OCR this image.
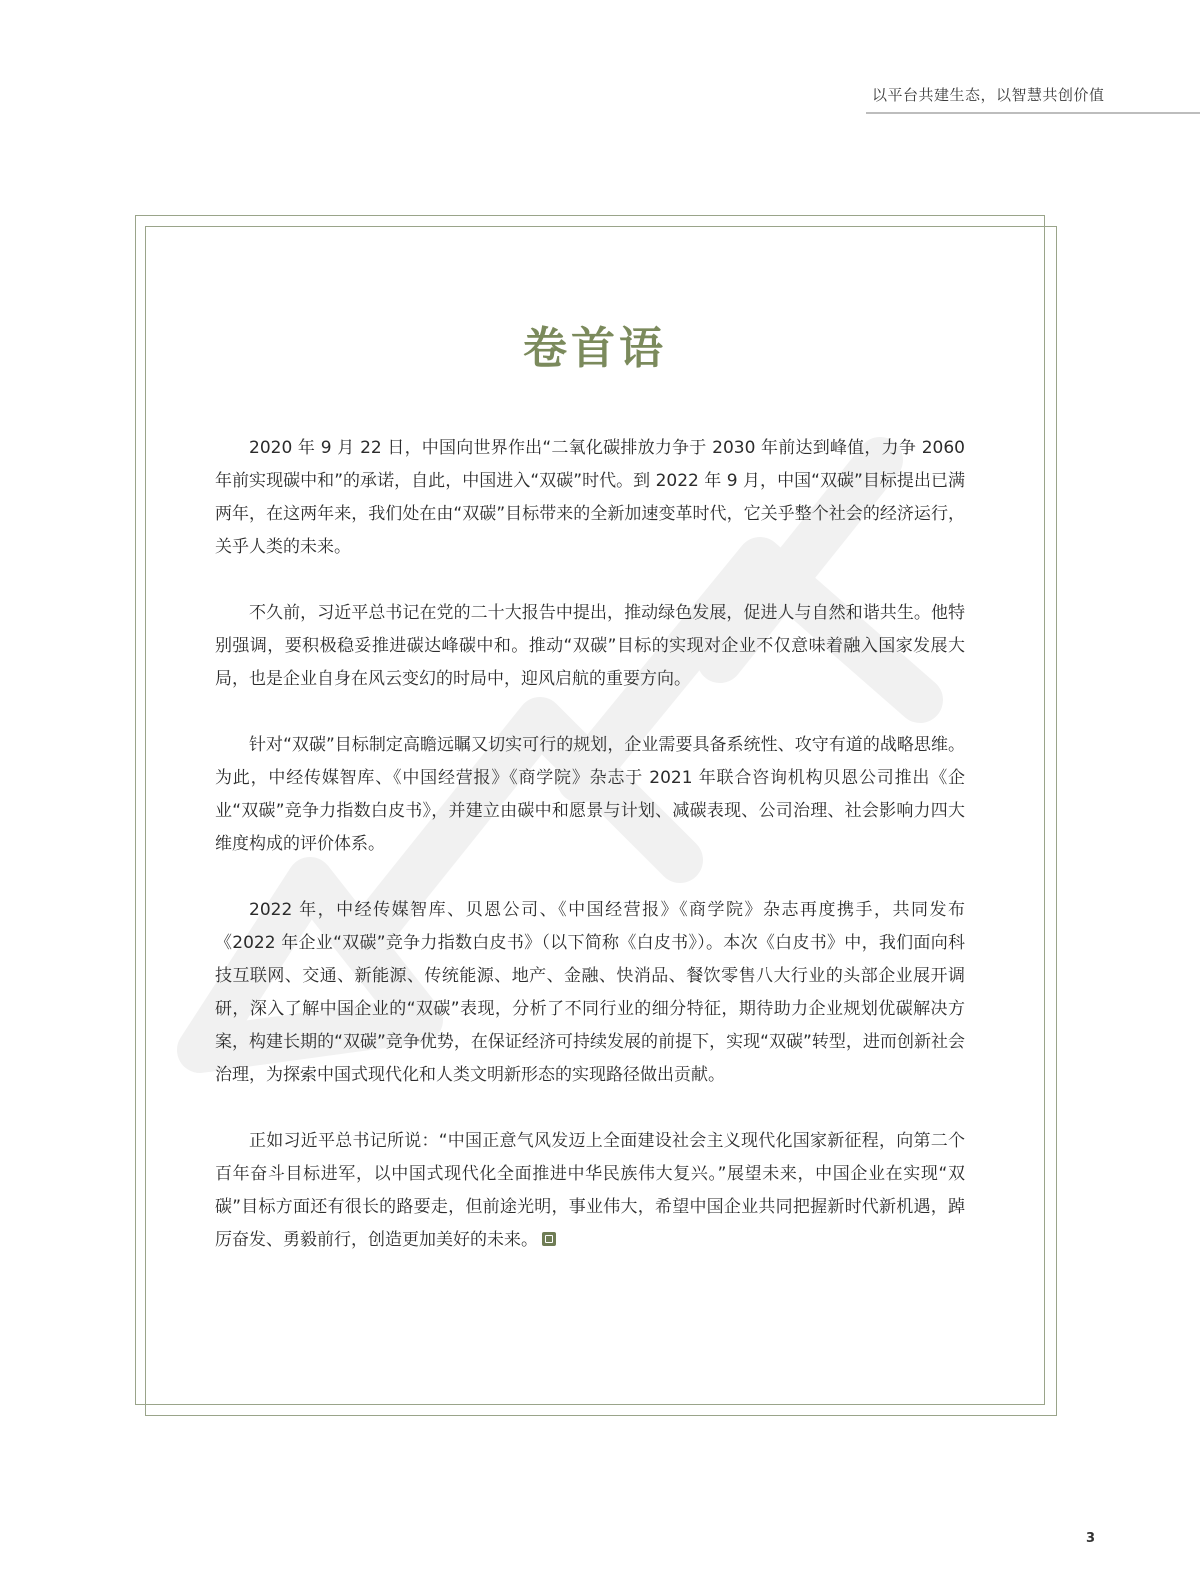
以平台共建生态，以智慧共创价值
卷首语

2020 年 9 月 22 日，中国向世界作出“二氧化碳排放力争于 2030 年前达到峰值，力争 2060 年前实现碳中和”的承诺，自此，中国进入“双碳”时代。到 2022 年 9 月，中国“双碳”目标提出已满两年，在这两年来，我们处在由“双碳”目标带来的全新加速变革时代，它关乎整个社会的经济运行，关乎人类的未来。

不久前，习近平总书记在党的二十大报告中提出，推动绿色发展，促进人与自然和谐共生。他特别强调，要积极稳妥推进碳达峰碳中和。推动“双碳”目标的实现对企业不仅意味着融入国家发展大局，也是企业自身在风云变幻的时局中，迎风启航的重要方向。

针对“双碳”目标制定高瞻远瞩又切实可行的规划，企业需要具备系统性、攻守有道的战略思维。为此，中经传媒智库、《中国经营报》《商学院》杂志于 2021 年联合咨询机构贝恩公司推出《企业“双碳”竞争力指数白皮书》，并建立由碳中和愿景与计划、减碳表现、公司治理、社会影响力四大维度构成的评价体系。

2022 年，中经传媒智库、贝恩公司、《中国经营报》《商学院》杂志再度携手，共同发布《2022 年企业“双碳”竞争力指数白皮书》（以下简称《白皮书》）。本次《白皮书》中，我们面向科技互联网、交通、新能源、传统能源、地产、金融、快消品、餐饮零售八大行业的头部企业展开调研，深入了解中国企业的“双碳”表现，分析了不同行业的细分特征，期待助力企业规划优碳解决方案，构建长期的“双碳”竞争优势，在保证经济可持续发展的前提下，实现“双碳”转型，进而创新社会治理，为探索中国式现代化和人类文明新形态的实现路径做出贡献。

正如习近平总书记所说：“中国正意气风发迈上全面建设社会主义现代化国家新征程，向第二个百年奋斗目标进军，以中国式现代化全面推进中华民族伟大复兴。”展望未来，中国企业在实现“双碳”目标方面还有很长的路要走，但前途光明，事业伟大，希望中国企业共同把握新时代新机遇，踔厉奋发、勇毅前行，创造更加美好的未来。

3
